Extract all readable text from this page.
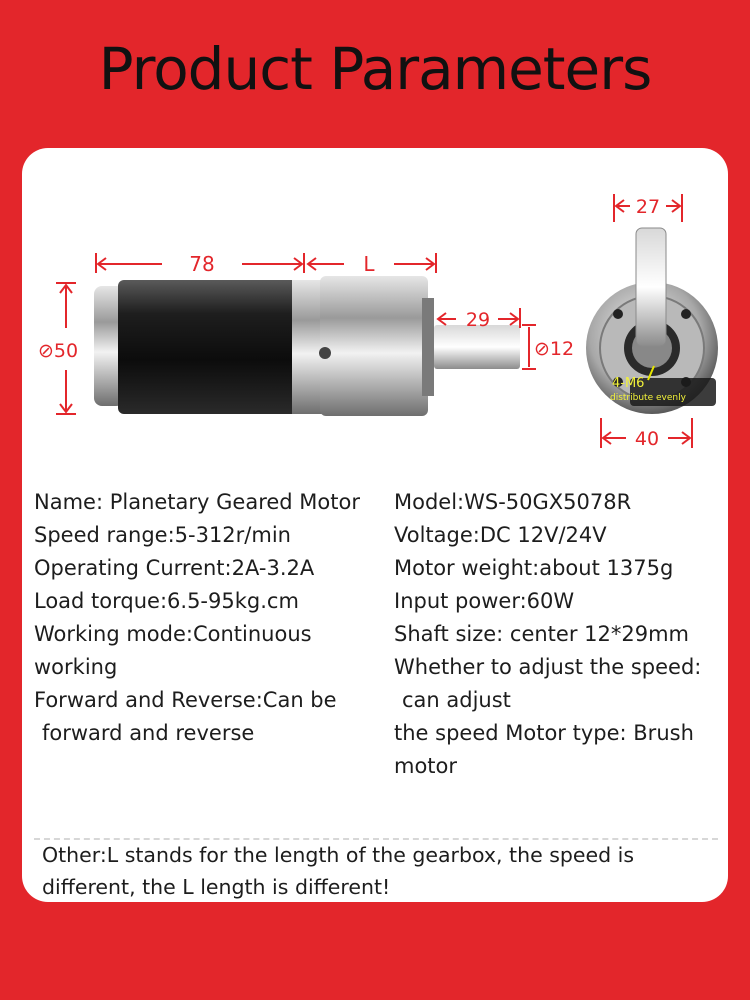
Product Parameters
78	L
⊘50
29
⊘12
27
40
4-M6
distribute evenly
Name: Planetary Geared Motor
Speed range:5-312r/min
Operating Current:2A-3.2A
Load torque:6.5-95kg.cm
Working mode:Continuous
working
Forward and Reverse:Can be
forward and reverse
Model:WS-50GX5078R
Voltage:DC 12V/24V
Motor weight:about 1375g
Input power:60W
Shaft size: center 12*29mm
Whether to adjust the speed:
can adjust
the speed Motor type: Brush
motor
Other:L stands for the length of the gearbox, the speed is
different, the L length is different!
